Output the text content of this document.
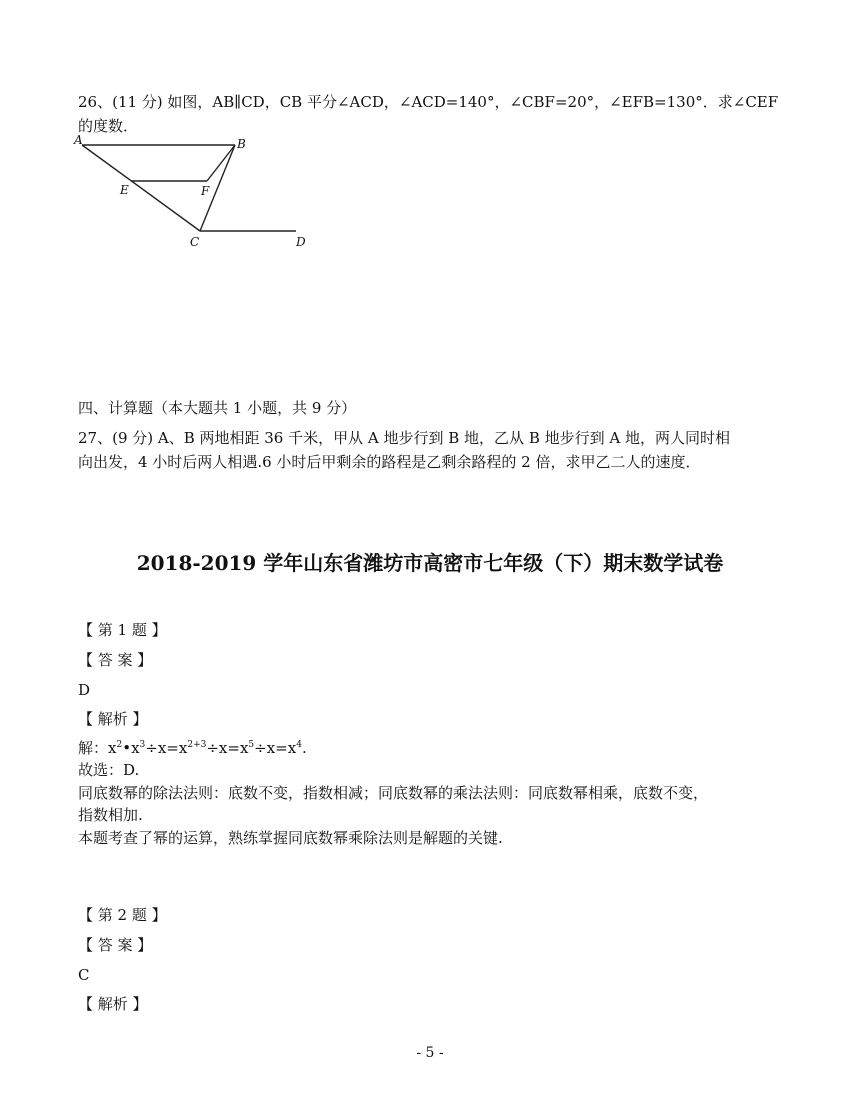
26、(11 分) 如图，AB∥CD，CB 平分∠ACD，∠ACD=140°，∠CBF=20°，∠EFB=130°．求∠CEF
的度数．
A	B
E	F
C	D
四、计算题（本大题共 1 小题，共 9 分）
27、(9 分) A、B 两地相距 36 千米，甲从 A 地步行到 B 地，乙从 B 地步行到 A 地，两人同时相
向出发，4 小时后两人相遇.6 小时后甲剩余的路程是乙剩余路程的 2 倍，求甲乙二人的速度．
2018-2019 学年山东省潍坊市高密市七年级（下）期末数学试卷
【 第 1 题 】
【 答 案 】
D
【 解析 】
解：$x^2•x^3\div x=x^{2+3}\div x=x^5\div x=x^4$.
故选：D.
同底数幂的除法法则：底数不变，指数相减；同底数幂的乘法法则：同底数幂相乘，底数不变，
指数相加.
本题考查了幂的运算，熟练掌握同底数幂乘除法则是解题的关键.
【 第 2 题 】
【 答 案 】
C
【 解析 】
- 5 -
